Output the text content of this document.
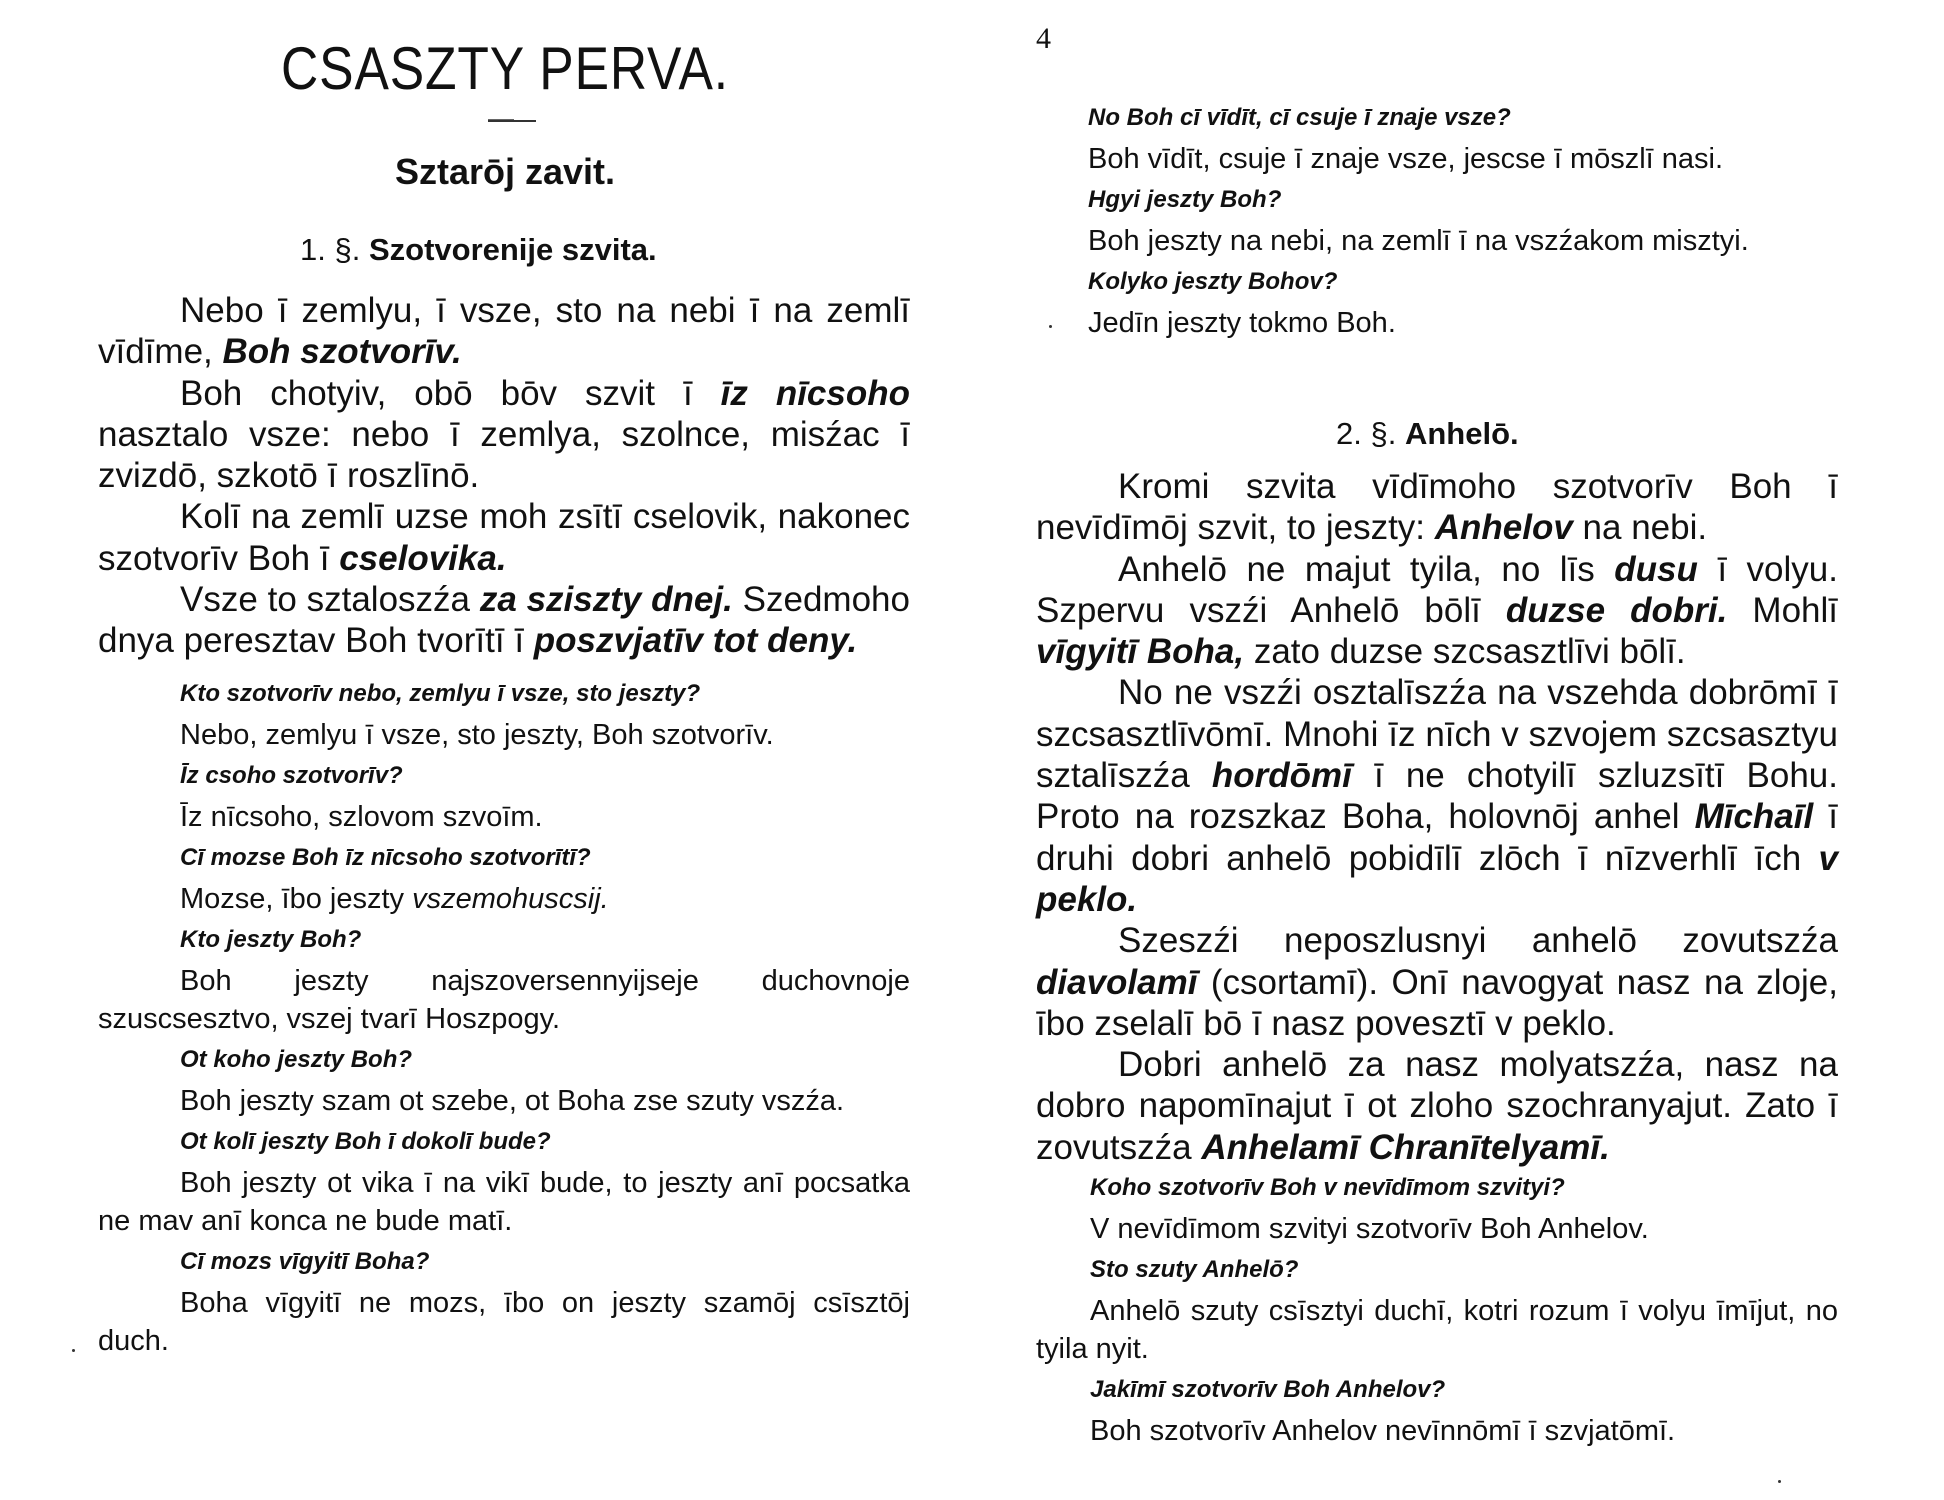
CSASZTY PERVA.
Sztarōj zavit.
1. §. Szotvorenije szvita.

Nebo ī zemlyu, ī vsze, sto na nebi ī na zemlī vīdīme, Boh szotvorīv.

Boh chotyiv, obō bōv szvit ī īz nīcsoho nasztalo vsze: nebo ī zemlya, szolnce, misźac ī zvizdō, szkotō ī roszlīnō.

Kolī na zemlī uzse moh zsītī cselovik, nakonec szotvorīv Boh ī cselovika.

Vsze to sztaloszźa za sziszty dnej. Szedmoho dnya peresztav Boh tvorītī ī poszvjatīv tot deny.

Kto szotvorīv nebo, zemlyu ī vsze, sto jeszty?
Nebo, zemlyu ī vsze, sto jeszty, Boh szotvorīv.
Īz csoho szotvorīv?
Īz nīcsoho, szlovom szvoīm.
Cī mozse Boh īz nīcsoho szotvorītī?
Mozse, ībo jeszty vszemohuscsij.
Kto jeszty Boh?
Boh jeszty najszoversennyijseje duchovnoje szuscsesztvo, vszej tvarī Hoszpogy.
Ot koho jeszty Boh?
Boh jeszty szam ot szebe, ot Boha zse szuty vszźa.
Ot kolī jeszty Boh ī dokolī bude?
Boh jeszty ot vika ī na vikī bude, to jeszty anī pocsatka ne mav anī konca ne bude matī.
Cī mozs vīgyitī Boha?
Boha vīgyitī ne mozs, ībo on jeszty szamōj csīsztōj duch.
4
No Boh cī vīdīt, cī csuje ī znaje vsze?
Boh vīdīt, csuje ī znaje vsze, jescse ī mōszlī nasi.
Hgyi jeszty Boh?
Boh jeszty na nebi, na zemlī ī na vszźakom misztyi.
Kolyko jeszty Bohov?
Jedīn jeszty tokmo Boh.
2. §. Anhelō.

Kromi szvita vīdīmoho szotvorīv Boh ī nevīdīmōj szvit, to jeszty: Anhelov na nebi.

Anhelō ne majut tyila, no līs dusu ī volyu. Szpervu vszźi Anhelō bōlī duzse dobri. Mohlī vīgyitī Boha, zato duzse szcsasztlīvi bōlī.

No ne vszźi osztalīszźa na vszehda dobrōmī ī szcsasztlīvōmī. Mnohi īz nīch v szvojem szcsasztyu sztalīszźa hordōmī ī ne chotyilī szluzsītī Bohu. Proto na rozszkaz Boha, holovnōj anhel Mīchaīl ī druhi dobri anhelō pobidīlī zlōch ī nīzverhlī īch v peklo.

Szeszźi neposzlusnyi anhelō zovutszźa diavolamī (csortamī). Onī navogyat nasz na zloje, ībo zselalī bō ī nasz povesztī v peklo.

Dobri anhelō za nasz molyatszźa, nasz na dobro napomīnajut ī ot zloho szochranyajut. Zato ī zovutszźa Anhelamī Chranītelyamī.

Koho szotvorīv Boh v nevīdīmom szvityi?
V nevīdīmom szvityi szotvorīv Boh Anhelov.
Sto szuty Anhelō?
Anhelō szuty csīsztyi duchī, kotri rozum ī volyu īmījut, no tyila nyit.
Jakīmī szotvorīv Boh Anhelov?
Boh szotvorīv Anhelov nevīnnōmī ī szvjatōmī.
